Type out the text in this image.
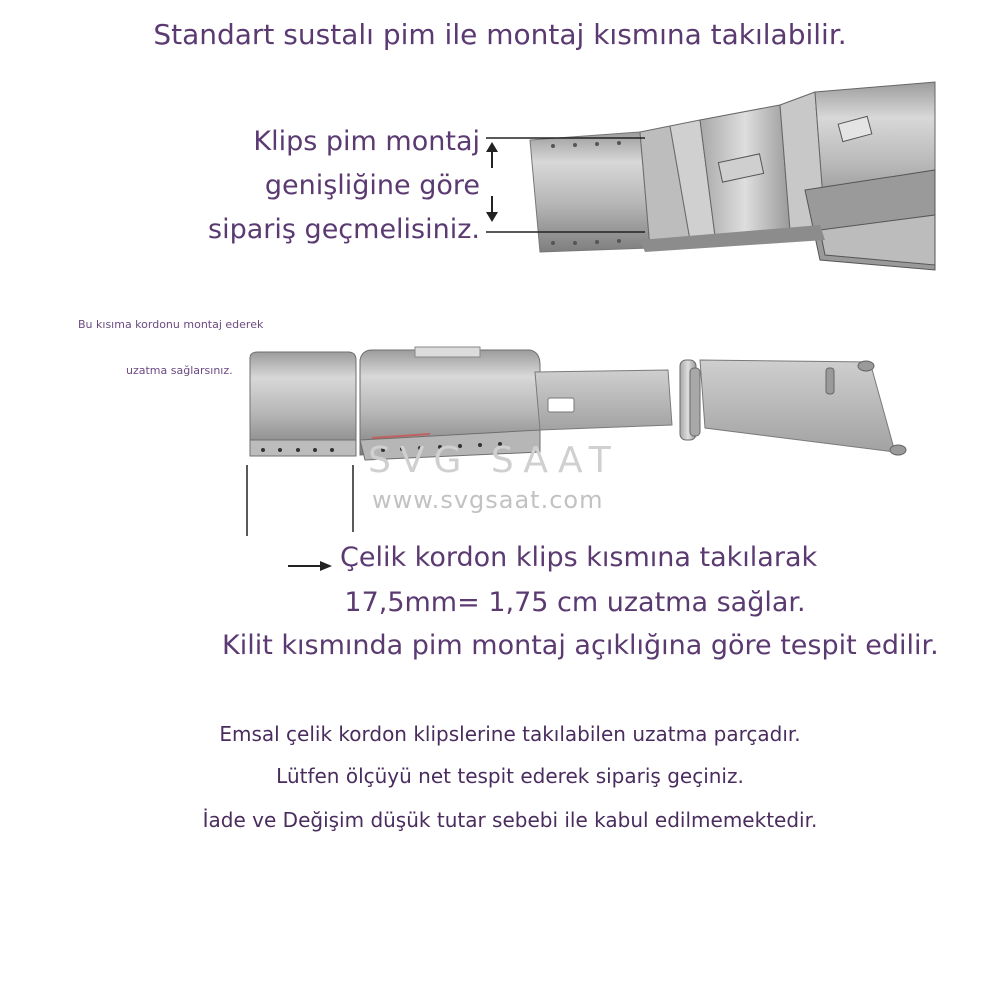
Standart sustalı pim ile montaj kısmına takılabilir.
Klips pim montaj
genişliğine göre
sipariş geçmelisiniz.
Bu kısıma kordonu montaj ederek
uzatma sağlarsınız.
SVG SAAT
www.svgsaat.com
Çelik kordon klips kısmına takılarak
17,5mm= 1,75 cm uzatma sağlar.
Kilit kısmında pim montaj açıklığına göre tespit edilir.
Emsal çelik kordon klipslerine takılabilen uzatma parçadır.
Lütfen ölçüyü net tespit ederek sipariş geçiniz.
İade ve Değişim düşük tutar sebebi ile kabul edilmemektedir.
